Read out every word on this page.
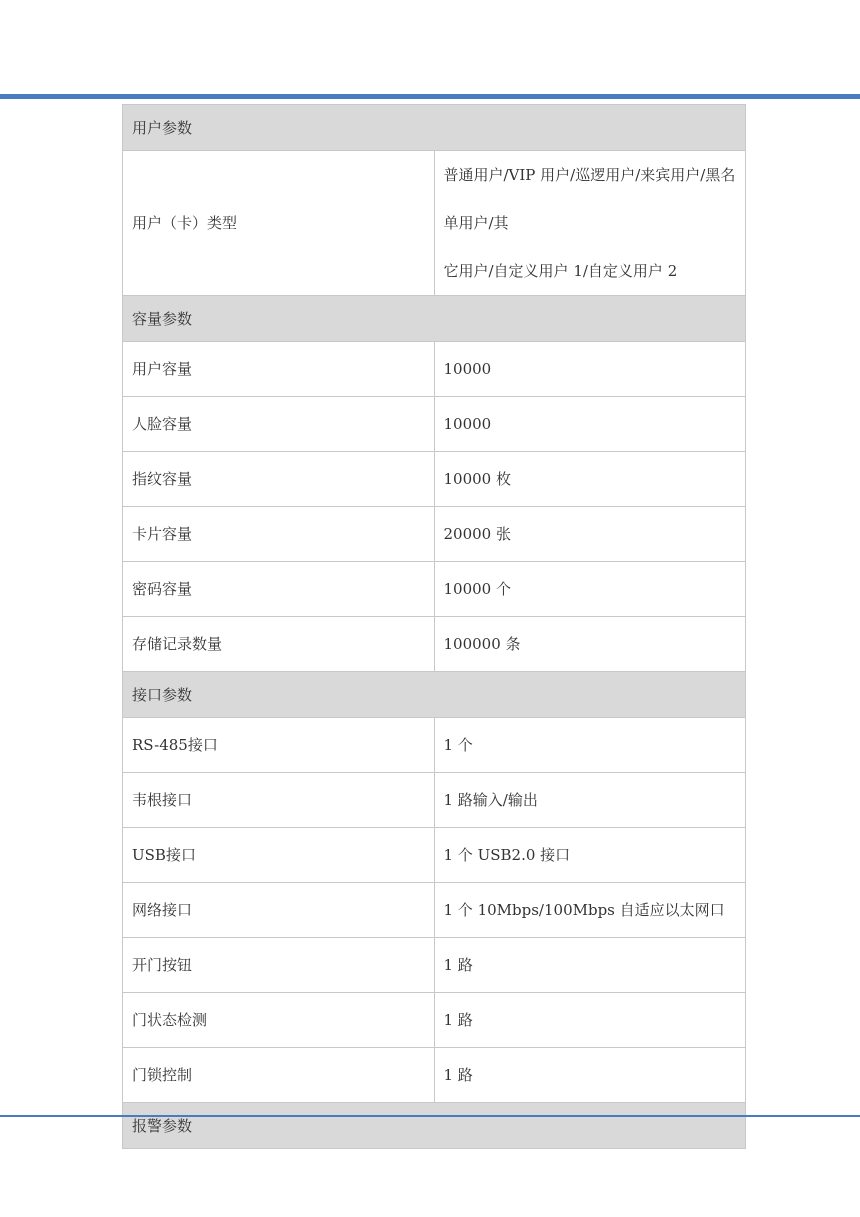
用户参数	
用户（卡）类型	普通用户/VIP 用户/巡逻用户/来宾用户/黑名单用户/其
它用户/自定义用户 1/自定义用户 2

容量参数	
用户容量	10000
人脸容量	10000
指纹容量	10000 枚
卡片容量	20000 张
密码容量	10000 个
存储记录数量	100000 条
接口参数	
RS-485接口	1 个
韦根接口	1 路输入/输出
USB接口	1 个 USB2.0 接口
网络接口	1 个 10Mbps/100Mbps 自适应以太网口
开门按钮	1 路
门状态检测	1 路
门锁控制	1 路
报警参数	
